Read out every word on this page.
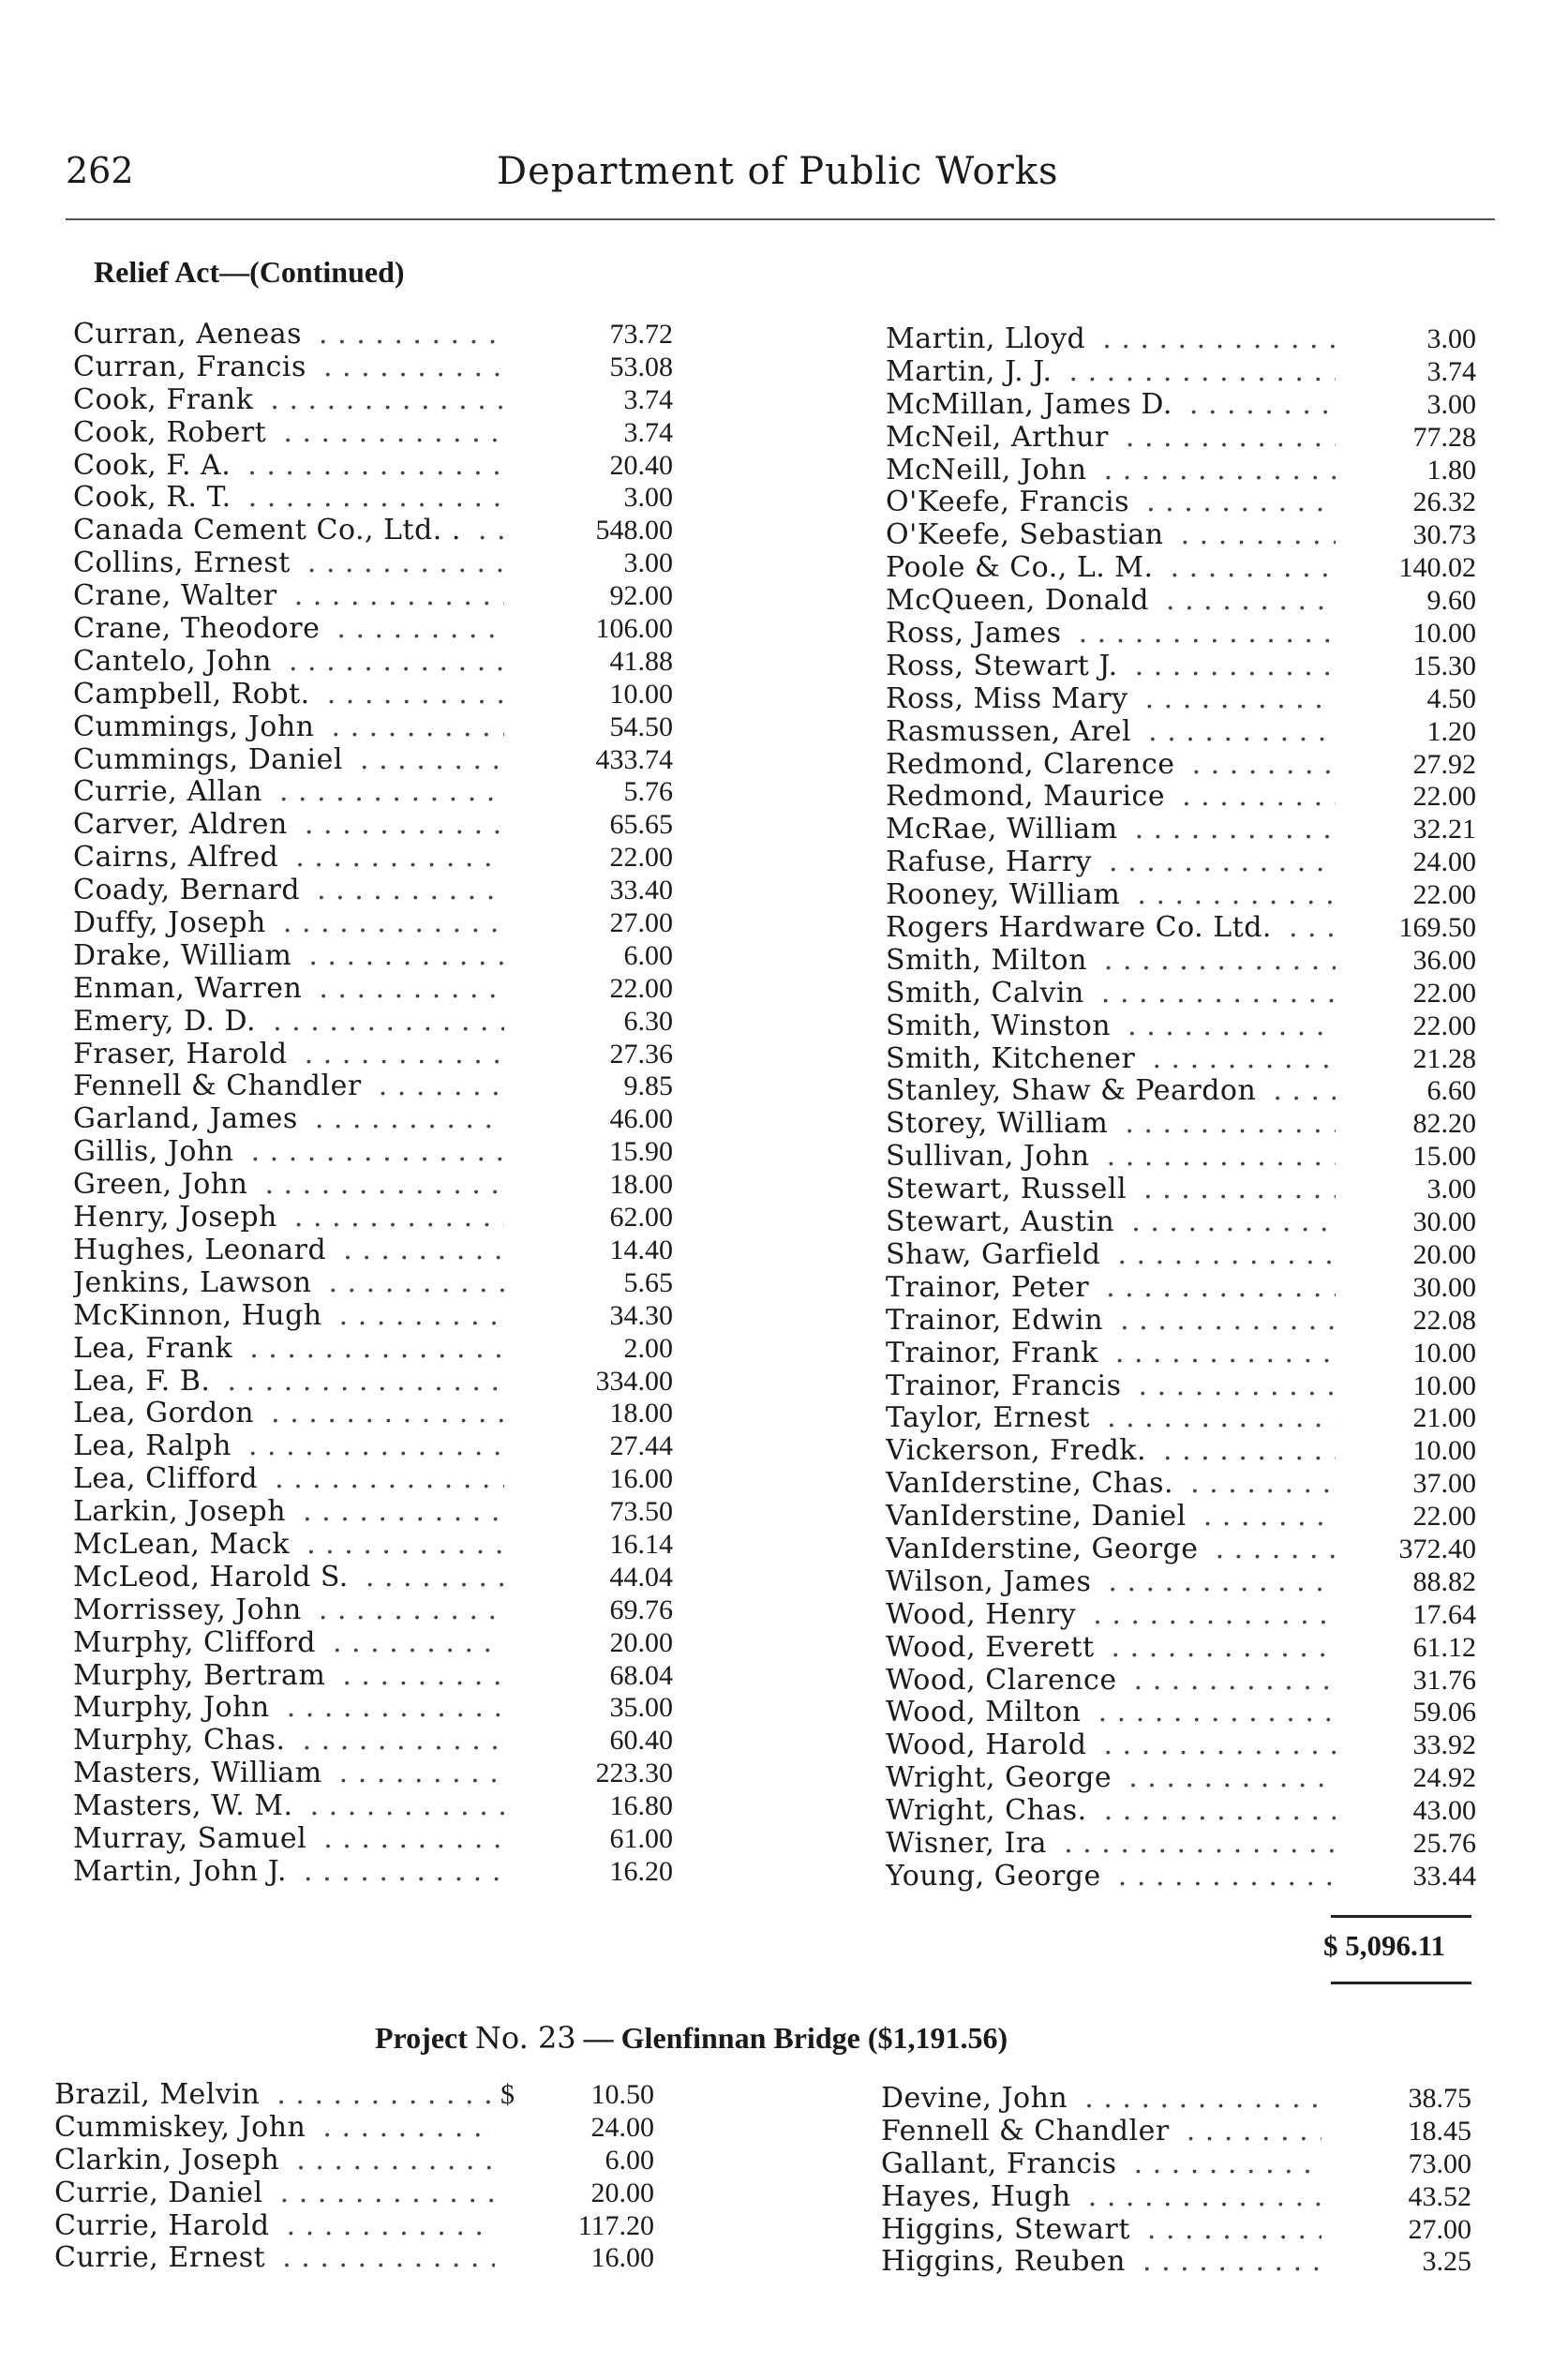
262	Department of Public Works
Relief Act—(Continued)
Curran, Aeneas . . .	73.72
Curran, Francis . . .	53.08
Cook, Frank . . .	3.74
Cook, Robert . . .	3.74
Cook, F. A. . . .	20.40
Cook, R. T. . . .	3.00
Canada Cement Co., Ltd. . . . .	548.00
Collins, Ernest . . .	3.00
Crane, Walter . . .	92.00
Crane, Theodore . . .	106.00
Cantelo, John . . .	41.88
Campbell, Robt. . . .	10.00
Cummings, John . . .	54.50
Cummings, Daniel . . .	433.74
Currie, Allan . . .	5.76
Carver, Aldren . . .	65.65
Cairns, Alfred . . .	22.00
Coady, Bernard . . .	33.40
Duffy, Joseph . . .	27.00
Drake, William . . .	6.00
Enman, Warren . . .	22.00
Emery, D. D. . . .	6.30
Fraser, Harold . . .	27.36
Fennell & Chandler . . .	9.85
Garland, James . . .	46.00
Gillis, John . . .	15.90
Green, John . . .	18.00
Henry, Joseph . . .	62.00
Hughes, Leonard . . .	14.40
Jenkins, Lawson . . .	5.65
McKinnon, Hugh . . .	34.30
Lea, Frank . . .	2.00
Lea, F. B. . . .	334.00
Lea, Gordon . . .	18.00
Lea, Ralph . . .	27.44
Lea, Clifford . . .	16.00
Larkin, Joseph . . .	73.50
McLean, Mack . . .	16.14
McLeod, Harold S. . . .	44.04
Morrissey, John . . .	69.76
Murphy, Clifford . . .	20.00
Murphy, Bertram . . .	68.04
Murphy, John . . .	35.00
Murphy, Chas. . . .	60.40
Masters, William . . .	223.30
Masters, W. M. . . .	16.80
Murray, Samuel . . .	61.00
Martin, John J. . . .	16.20
Martin, Lloyd . . .	3.00
Martin, J. J. . . .	3.74
McMillan, James D. . . .	3.00
McNeil, Arthur . . .	77.28
McNeill, John . . .	1.80
O'Keefe, Francis . . .	26.32
O'Keefe, Sebastian . . .	30.73
Poole & Co., L. M. . . .	140.02
McQueen, Donald . . .	9.60
Ross, James . . .	10.00
Ross, Stewart J. . . .	15.30
Ross, Miss Mary . . .	4.50
Rasmussen, Arel . . .	1.20
Redmond, Clarence . . .	27.92
Redmond, Maurice . . .	22.00
McRae, William . . .	32.21
Rafuse, Harry . . .	24.00
Rooney, William . . .	22.00
Rogers Hardware Co. Ltd. . . .	169.50
Smith, Milton . . .	36.00
Smith, Calvin . . .	22.00
Smith, Winston . . .	22.00
Smith, Kitchener . . .	21.28
Stanley, Shaw & Peardon . . .	6.60
Storey, William . . .	82.20
Sullivan, John . . .	15.00
Stewart, Russell . . .	3.00
Stewart, Austin . . .	30.00
Shaw, Garfield . . .	20.00
Trainor, Peter . . .	30.00
Trainor, Edwin . . .	22.08
Trainor, Frank . . .	10.00
Trainor, Francis . . .	10.00
Taylor, Ernest . . .	21.00
Vickerson, Fredk. . . .	10.00
VanIderstine, Chas. . . .	37.00
VanIderstine, Daniel . . .	22.00
VanIderstine, George . . .	372.40
Wilson, James . . .	88.82
Wood, Henry . . .	17.64
Wood, Everett . . .	61.12
Wood, Clarence . . .	31.76
Wood, Milton . . .	59.06
Wood, Harold . . .	33.92
Wright, George . . .	24.92
Wright, Chas. . . .	43.00
Wisner, Ira . . .	25.76
Young, George . . .	33.44
$ 5,096.11
Project No. 23 — Glenfinnan Bridge ($1,191.56)
Brazil, Melvin . . .	$	10.50
Cummiskey, John . . .	24.00
Clarkin, Joseph . . .	6.00
Currie, Daniel . . .	20.00
Currie, Harold . . .	117.20
Currie, Ernest . . .	16.00
Devine, John . . .	38.75
Fennell & Chandler . . .	18.45
Gallant, Francis . . .	73.00
Hayes, Hugh . . .	43.52
Higgins, Stewart . . .	27.00
Higgins, Reuben . . .	3.25
